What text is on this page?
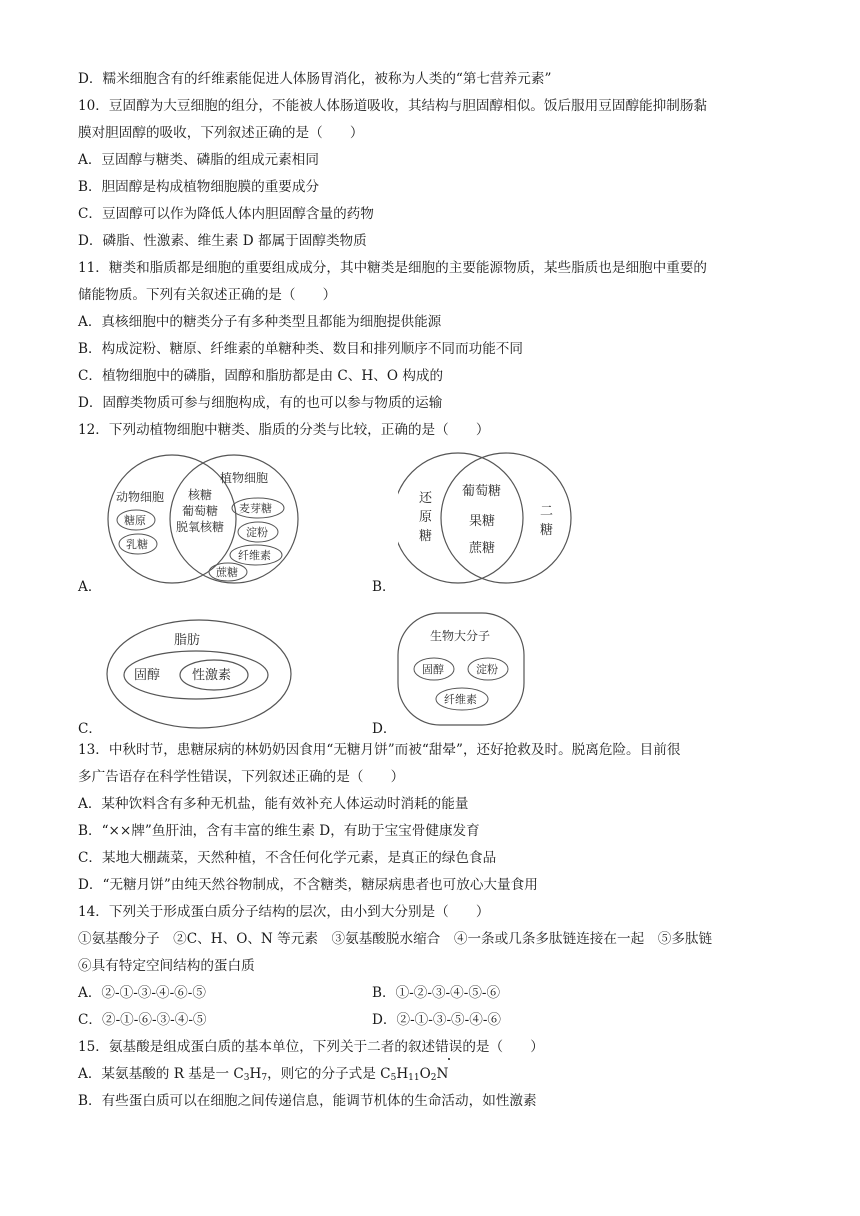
D．糯米细胞含有的纤维素能促进人体肠胃消化，被称为人类的“第七营养元素”
10．豆固醇为大豆细胞的组分，不能被人体肠道吸收，其结构与胆固醇相似。饭后服用豆固醇能抑制肠黏
膜对胆固醇的吸收，下列叙述正确的是（　　）
A．豆固醇与糖类、磷脂的组成元素相同
B．胆固醇是构成植物细胞膜的重要成分
C．豆固醇可以作为降低人体内胆固醇含量的药物
D．磷脂、性激素、维生素 D 都属于固醇类物质
11．糖类和脂质都是细胞的重要组成成分，其中糖类是细胞的主要能源物质，某些脂质也是细胞中重要的
储能物质。下列有关叙述正确的是（　　）
A．真核细胞中的糖类分子有多种类型且都能为细胞提供能源
B．构成淀粉、糖原、纤维素的单糖种类、数目和排列顺序不同而功能不同
C．植物细胞中的磷脂，固醇和脂肪都是由 C、H、O 构成的
D．固醇类物质可参与细胞构成，有的也可以参与物质的运输
12．下列动植物细胞中糖类、脂质的分类与比较，正确的是（　　）
A．
动物细胞
植物细胞
核糖
葡萄糖
脱氧核糖
糖原
乳糖
麦芽糖
淀粉
纤维素
蔗糖
B．
还
原
糖
二
糖
葡萄糖
果糖
蔗糖
C．
脂肪
固醇 性激素
D．
生物大分子
固醇	淀粉
纤维素
13．中秋时节，患糖尿病的林奶奶因食用“无糖月饼”而被“甜晕”，还好抢救及时。脱离危险。目前很
多广告语存在科学性错误，下列叙述正确的是（　　）
A．某种饮料含有多种无机盐，能有效补充人体运动时消耗的能量
B．“××牌”鱼肝油，含有丰富的维生素 D，有助于宝宝骨健康发育
C．某地大棚蔬菜，天然种植，不含任何化学元素，是真正的绿色食品
D．“无糖月饼”由纯天然谷物制成，不含糖类，糖尿病患者也可放心大量食用
14．下列关于形成蛋白质分子结构的层次，由小到大分别是（　　）
①氨基酸分子　②C、H、O、N 等元素　③氨基酸脱水缩合　④一条或几条多肽链连接在一起　⑤多肽链
⑥具有特定空间结构的蛋白质
A．②-①-③-④-⑥-⑤	B．①-②-③-④-⑤-⑥
C．②-①-⑥-③-④-⑤	D．②-①-③-⑤-④-⑥
15．氨基酸是组成蛋白质的基本单位，下列关于二者的叙述错误的是（　　）
A．某氨基酸的 R 基是一 $C_3H_7$，则它的分子式是 $C_5H_{11}O_2N$
B．有些蛋白质可以在细胞之间传递信息，能调节机体的生命活动，如性激素
